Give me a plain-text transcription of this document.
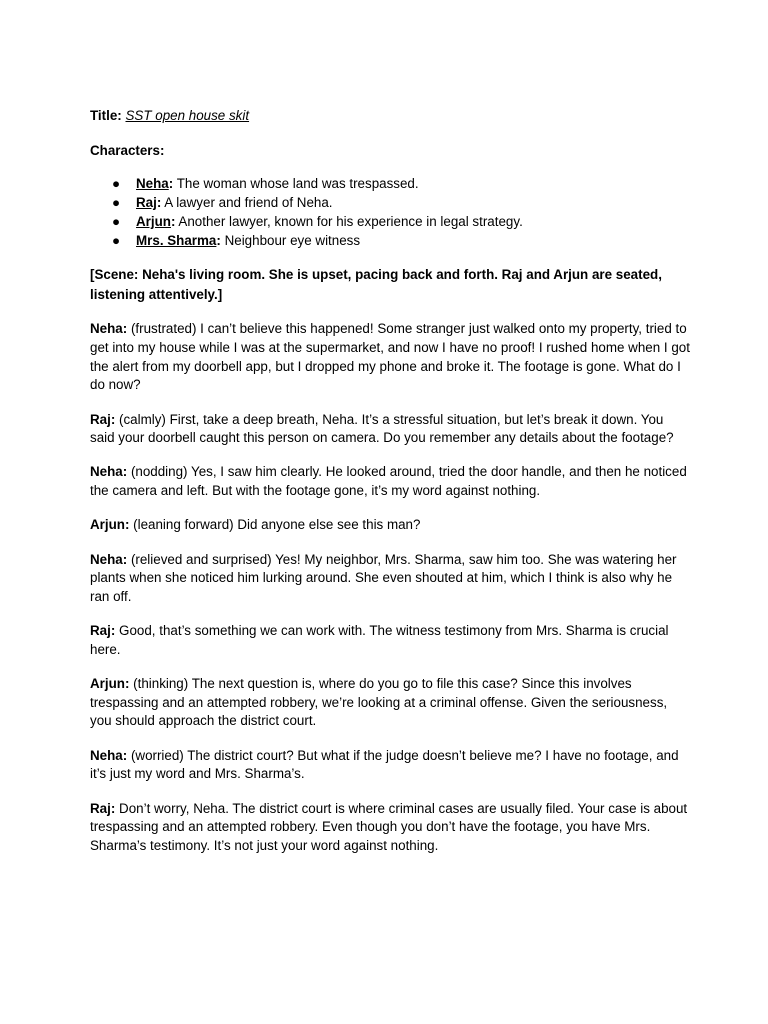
Title: SST open house skit

Characters:

● Neha: The woman whose land was trespassed.
● Raj: A lawyer and friend of Neha.
● Arjun: Another lawyer, known for his experience in legal strategy.
● Mrs. Sharma: Neighbour eye witness

[Scene: Neha's living room. She is upset, pacing back and forth. Raj and Arjun are seated, listening attentively.]

Neha: (frustrated) I can’t believe this happened! Some stranger just walked onto my property, tried to get into my house while I was at the supermarket, and now I have no proof! I rushed home when I got the alert from my doorbell app, but I dropped my phone and broke it. The footage is gone. What do I do now?

Raj: (calmly) First, take a deep breath, Neha. It’s a stressful situation, but let’s break it down. You said your doorbell caught this person on camera. Do you remember any details about the footage?

Neha: (nodding) Yes, I saw him clearly. He looked around, tried the door handle, and then he noticed the camera and left. But with the footage gone, it’s my word against nothing.

Arjun: (leaning forward) Did anyone else see this man?

Neha: (relieved and surprised) Yes! My neighbor, Mrs. Sharma, saw him too. She was watering her plants when she noticed him lurking around. She even shouted at him, which I think is also why he ran off.

Raj: Good, that’s something we can work with. The witness testimony from Mrs. Sharma is crucial here.

Arjun: (thinking) The next question is, where do you go to file this case? Since this involves trespassing and an attempted robbery, we’re looking at a criminal offense. Given the seriousness, you should approach the district court.

Neha: (worried) The district court? But what if the judge doesn’t believe me? I have no footage, and it’s just my word and Mrs. Sharma’s.

Raj: Don’t worry, Neha. The district court is where criminal cases are usually filed. Your case is about trespassing and an attempted robbery. Even though you don’t have the footage, you have Mrs. Sharma’s testimony. It’s not just your word against nothing.
